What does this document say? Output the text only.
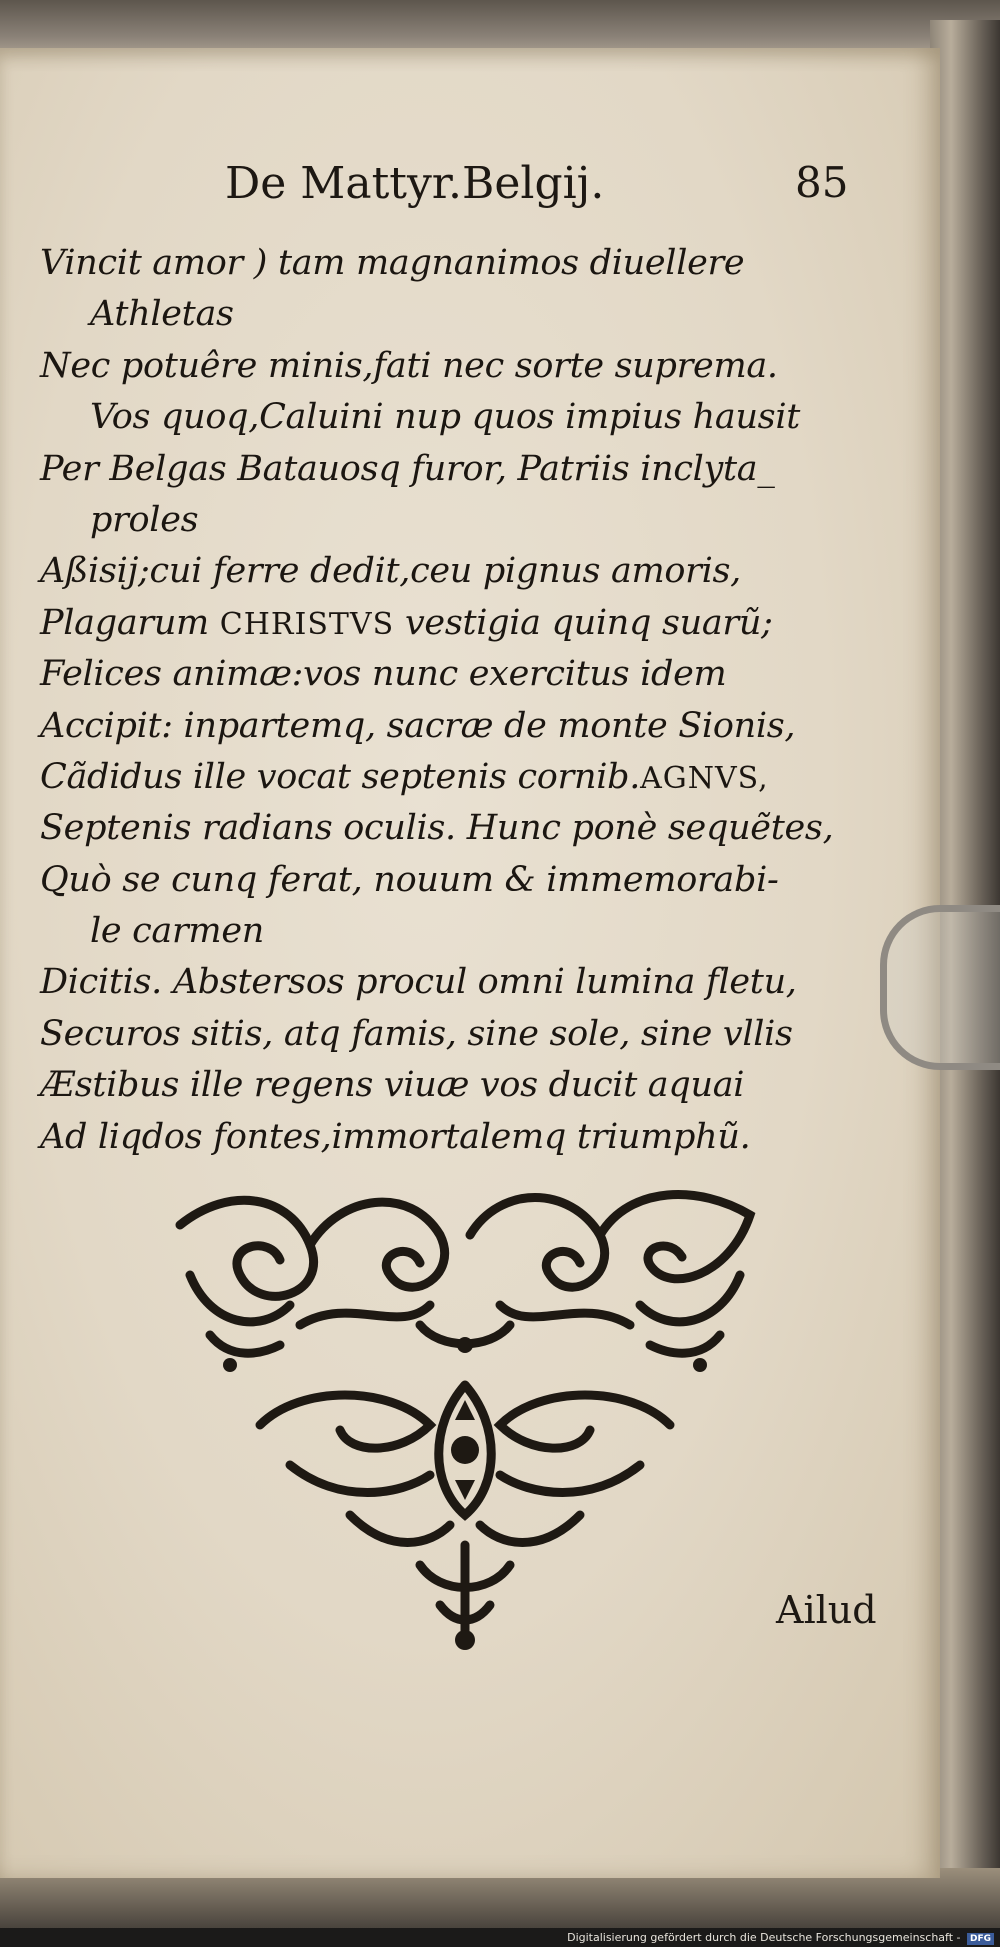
De Mattyr.Belgij.	85
Vincit amor ) tam magnanimos diuellere
Athletas
Nec potuêre minis,fati nec sorte suprema.
Vos quoq,Caluini nup quos impius hausit
Per Belgas Batauosq furor, Patriis inclyta_
proles
Aßisij;cui ferre dedit,ceu pignus amoris,
Plagarum CHRISTVS vestigia quinq suarũ;
Felices animæ:vos nunc exercitus idem
Accipit: inpartemq, sacræ de monte Sionis,
Cãdidus ille vocat septenis cornib.AGNVS,
Septenis radians oculis. Hunc ponè sequẽtes,
Quò se cunq ferat, nouum & immemorabi-
le carmen
Dicitis. Abstersos procul omni lumina fletu,
Securos sitis, atq famis, sine sole, sine vllis
Æstibus ille regens viuæ vos ducit aquai
Ad liqdos fontes,immortalemq triumphũ.
Ailud
Digitalisierung gefördert durch die Deutsche Forschungsgemeinschaft - DFG
